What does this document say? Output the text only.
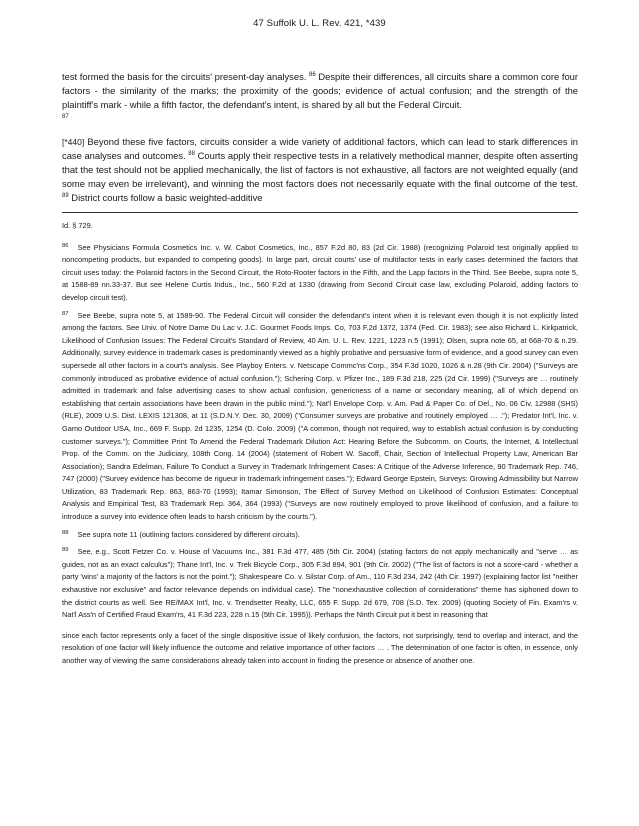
47 Suffolk U. L. Rev. 421, *439
test formed the basis for the circuits' present-day analyses. $^{86}$ Despite their differences, all circuits share a common core four factors - the similarity of the marks; the proximity of the goods; evidence of actual confusion; and the strength of the plaintiff's mark - while a fifth factor, the defendant's intent, is shared by all but the Federal Circuit.
$^{87}$
[*440] Beyond these five factors, circuits consider a wide variety of additional factors, which can lead to stark differences in case analyses and outcomes. $^{88}$ Courts apply their respective tests in a relatively methodical manner, despite often asserting that the test should not be applied mechanically, the list of factors is not exhaustive, all factors are not weighted equally (and some may even be irrelevant), and winning the most factors does not necessarily equate with the final outcome of the test. $^{89}$ District courts follow a basic weighted-additive

Id. § 729.

$^{86}$ See Physicians Formula Cosmetics Inc. v. W. Cabot Cosmetics, Inc., 857 F.2d 80, 83 (2d Cir. 1988) (recognizing Polaroid test originally applied to noncompeting products, but expanded to competing goods). In large part, circuit courts' use of multifactor tests in early cases determined the factors that circuit uses today: the Polaroid factors in the Second Circuit, the Roto-Rooter factors in the Fifth, and the Lapp factors in the Third. See Beebe, supra note 5, at 1588-89 nn.33-37. But see Helene Curtis Indus., Inc., 560 F.2d at 1330 (drawing from Second Circuit case law, excluding Polaroid, adding factors to develop circuit test).

$^{87}$ See Beebe, supra note 5, at 1589-90. The Federal Circuit will consider the defendant's intent when it is relevant even though it is not explicitly listed among the factors. See Univ. of Notre Dame Du Lac v. J.C. Gourmet Foods Imps. Co, 703 F.2d 1372, 1374 (Fed. Cir. 1983); see also Richard L. Kirkpatrick, Likelihood of Confusion Issues: The Federal Circuit's Standard of Review, 40 Am. U. L. Rev. 1221, 1223 n.5 (1991); Olsen, supra note 65, at 668-70 & n.29. Additionally, survey evidence in trademark cases is predominantly viewed as a highly probative and persuasive form of evidence, and a good survey can even supersede all other factors in a court's analysis. See Playboy Enters. v. Netscape Commc'ns Corp., 354 F.3d 1020, 1026 & n.28 (9th Cir. 2004) ("Surveys are commonly introduced as probative evidence of actual confusion."); Schering Corp. v. Pfizer Inc., 189 F.3d 218, 225 (2d Cir. 1999) ("Surveys are … routinely admitted in trademark and false advertising cases to show actual confusion, genericness of a name or secondary meaning, all of which depend on establishing that certain associations have been drawn in the public mind."); Nat'l Envelope Corp. v. Am. Pad & Paper Co. of Del., No. 06 Civ. 12988 (SHS) (RLE), 2009 U.S. Dist. LEXIS 121308, at 11 (S.D.N.Y. Dec. 30, 2009) ("Consumer surveys are probative and routinely employed … ."); Predator Int'l, Inc. v. Gamo Outdoor USA, Inc., 669 F. Supp. 2d 1235, 1254 (D. Colo. 2009) ("A common, though not required, way to establish actual confusion is by conducting customer surveys."); Committee Print To Amend the Federal Trademark Dilution Act: Hearing Before the Subcomm. on Courts, the Internet, & Intellectual Prop. of the Comm. on the Judiciary, 108th Cong. 14 (2004) (statement of Robert W. Sacoff, Chair, Section of Intellectual Property Law, American Bar Association); Sandra Edelman, Failure To Conduct a Survey in Trademark Infringement Cases: A Critique of the Adverse Inference, 90 Trademark Rep. 746, 747 (2000) ("Survey evidence has become de rigueur in trademark infringement cases."); Edward George Epstein, Surveys: Growing Admissibility but Narrow Utilization, 83 Trademark Rep. 863, 863-70 (1993); Itamar Simonson, The Effect of Survey Method on Likelihood of Confusion Estimates: Conceptual Analysis and Empirical Test, 83 Trademark Rep. 364, 364 (1993) ("Surveys are now routinely employed to prove likelihood of confusion, and a failure to introduce a survey into evidence often leads to harsh criticism by the courts.").

$^{88}$ See supra note 11 (outlining factors considered by different circuits).

$^{89}$ See, e.g., Scott Fetzer Co. v. House of Vacuums Inc., 381 F.3d 477, 485 (5th Cir. 2004) (stating factors do not apply mechanically and "serve … as guides, not as an exact calculus"); Thane Int'l, Inc. v. Trek Bicycle Corp., 305 F.3d 894, 901 (9th Cir. 2002) ("The list of factors is not a score-card - whether a party 'wins' a majority of the factors is not the point."); Shakespeare Co. v. Silstar Corp. of Am., 110 F.3d 234, 242 (4th Cir. 1997) (explaining factor list "neither exhaustive nor exclusive" and factor relevance depends on individual case). The "nonexhaustive collection of considerations" theme has siphoned down to the district courts as well. See RE/MAX Int'l, Inc. v. Trendsetter Realty, LLC, 655 F. Supp. 2d 679, 708 (S.D. Tex. 2009) (quoting Society of Fin. Exam'rs v. Nat'l Ass'n of Certified Fraud Exam'rs, 41 F.3d 223, 228 n.15 (5th Cir. 1995)). Perhaps the Ninth Circuit put it best in reasoning that

since each factor represents only a facet of the single dispositive issue of likely confusion, the factors, not surprisingly, tend to overlap and interact, and the resolution of one factor will likely influence the outcome and relative importance of other factors … . The determination of one factor is often, in essence, only another way of viewing the same considerations already taken into account in finding the presence or absence of another one.
